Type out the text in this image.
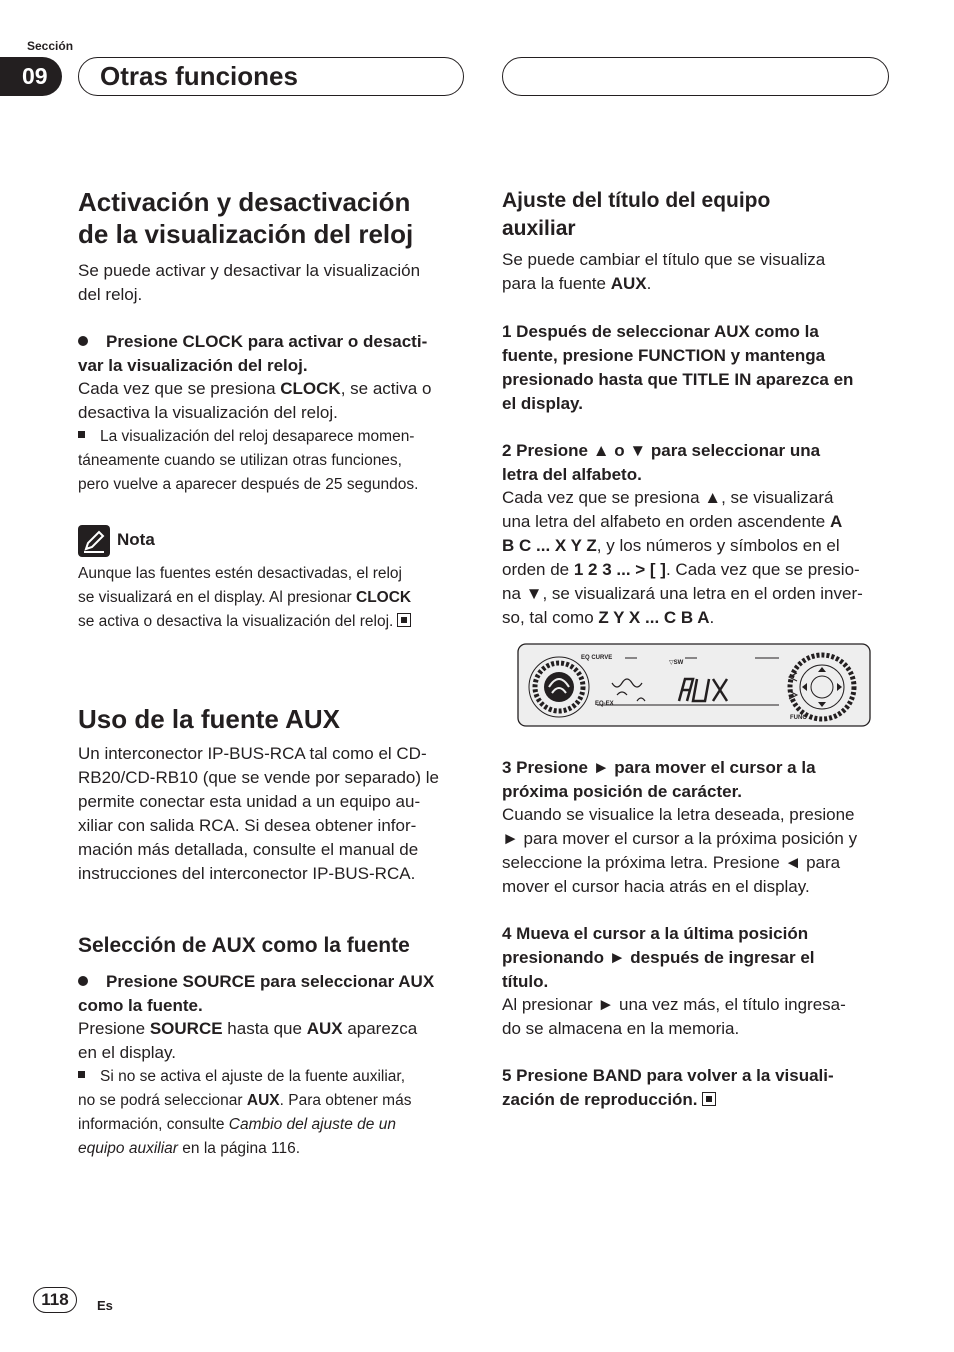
Sección
09	Otras funciones
Activación y desactivación
de la visualización del reloj
Se puede activar y desactivar la visualización
del reloj.
Presione CLOCK para activar o desacti-
var la visualización del reloj.
Cada vez que se presiona CLOCK, se activa o
desactiva la visualización del reloj.
La visualización del reloj desaparece momen-
táneamente cuando se utilizan otras funciones,
pero vuelve a aparecer después de 25 segundos.
Nota
Aunque las fuentes estén desactivadas, el reloj
se visualizará en el display. Al presionar CLOCK
se activa o desactiva la visualización del reloj.
Uso de la fuente AUX
Un interconector IP-BUS-RCA tal como el CD-
RB20/CD-RB10 (que se vende por separado) le
permite conectar esta unidad a un equipo au-
xiliar con salida RCA. Si desea obtener infor-
mación más detallada, consulte el manual de
instrucciones del interconector IP-BUS-RCA.
Selección de AUX como la fuente
Presione SOURCE para seleccionar AUX
como la fuente.
Presione SOURCE hasta que AUX aparezca
en el display.
Si no se activa el ajuste de la fuente auxiliar,
no se podrá seleccionar AUX. Para obtener más
información, consulte Cambio del ajuste de un
equipo auxiliar en la página 116.
Ajuste del título del equipo
auxiliar
Se puede cambiar el título que se visualiza
para la fuente AUX.
1 Después de seleccionar AUX como la
fuente, presione FUNCTION y mantenga
presionado hasta que TITLE IN aparezca en
el display.
2 Presione ▲ o ▼ para seleccionar una
letra del alfabeto.
Cada vez que se presiona ▲, se visualizará
una letra del alfabeto en orden ascendente A
B C ... X Y Z, y los números y símbolos en el
orden de 1 2 3 ... > [ ]. Cada vez que se presio-
na ▼, se visualizará una letra en el orden inver-
so, tal como Z Y X ... C B A.
EQ CURVE
▽SW
EQ-EX
FUNC
3 Presione ► para mover el cursor a la
próxima posición de carácter.
Cuando se visualice la letra deseada, presione
► para mover el cursor a la próxima posición y
seleccione la próxima letra. Presione ◄ para
mover el cursor hacia atrás en el display.
4 Mueva el cursor a la última posición
presionando ► después de ingresar el
título.
Al presionar ► una vez más, el título ingresa-
do se almacena en la memoria.
5 Presione BAND para volver a la visuali-
zación de reproducción.
118	Es
